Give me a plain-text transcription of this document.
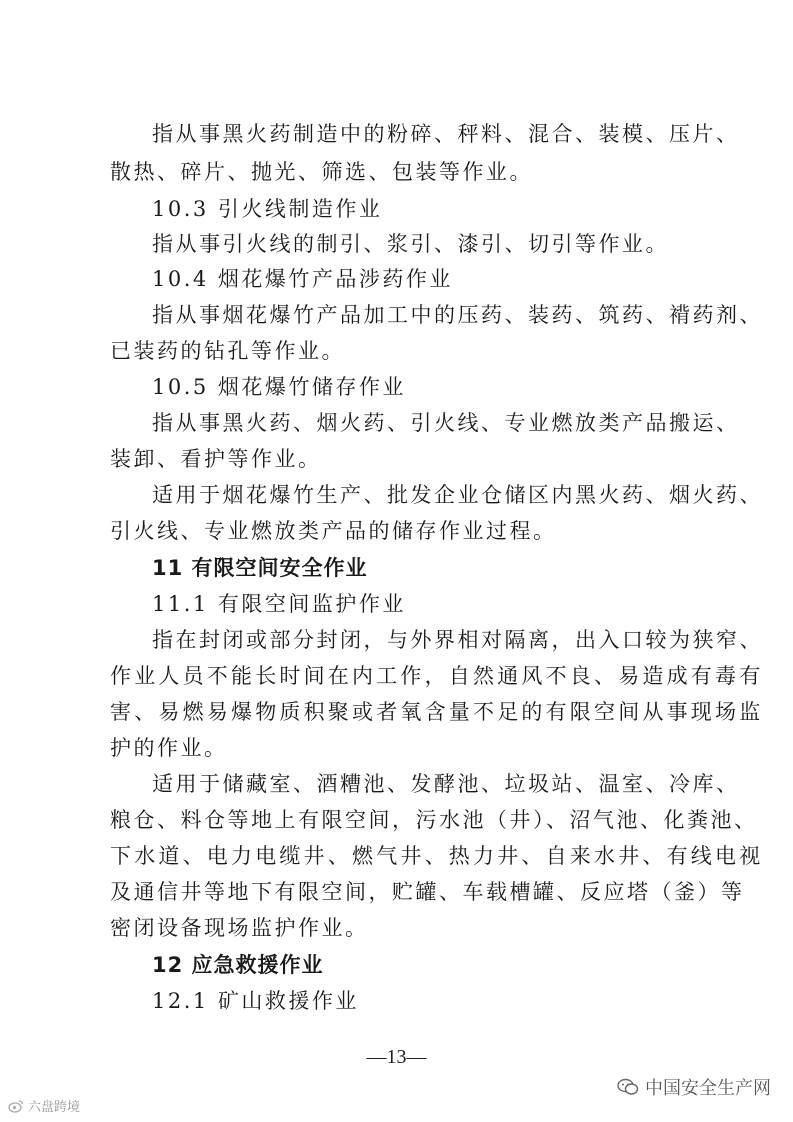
指从事黑火药制造中的粉碎、秤料、混合、装模、压片、
散热、碎片、抛光、筛选、包装等作业。
10.3 引火线制造作业
指从事引火线的制引、浆引、漆引、切引等作业。
10.4 烟花爆竹产品涉药作业
指从事烟花爆竹产品加工中的压药、装药、筑药、褙药剂、
已装药的钻孔等作业。
10.5 烟花爆竹储存作业
指从事黑火药、烟火药、引火线、专业燃放类产品搬运、
装卸、看护等作业。
适用于烟花爆竹生产、批发企业仓储区内黑火药、烟火药、
引火线、专业燃放类产品的储存作业过程。
11 有限空间安全作业
11.1 有限空间监护作业
指在封闭或部分封闭，与外界相对隔离，出入口较为狭窄、
作业人员不能长时间在内工作，自然通风不良、易造成有毒有
害、易燃易爆物质积聚或者氧含量不足的有限空间从事现场监
护的作业。
适用于储藏室、酒糟池、发酵池、垃圾站、温室、冷库、
粮仓、料仓等地上有限空间，污水池（井）、沼气池、化粪池、
下水道、电力电缆井、燃气井、热力井、自来水井、有线电视
及通信井等地下有限空间，贮罐、车载槽罐、反应塔（釜）等
密闭设备现场监护作业。
12 应急救援作业
12.1 矿山救援作业
—13—
中国安全生产网
六盘跨境
